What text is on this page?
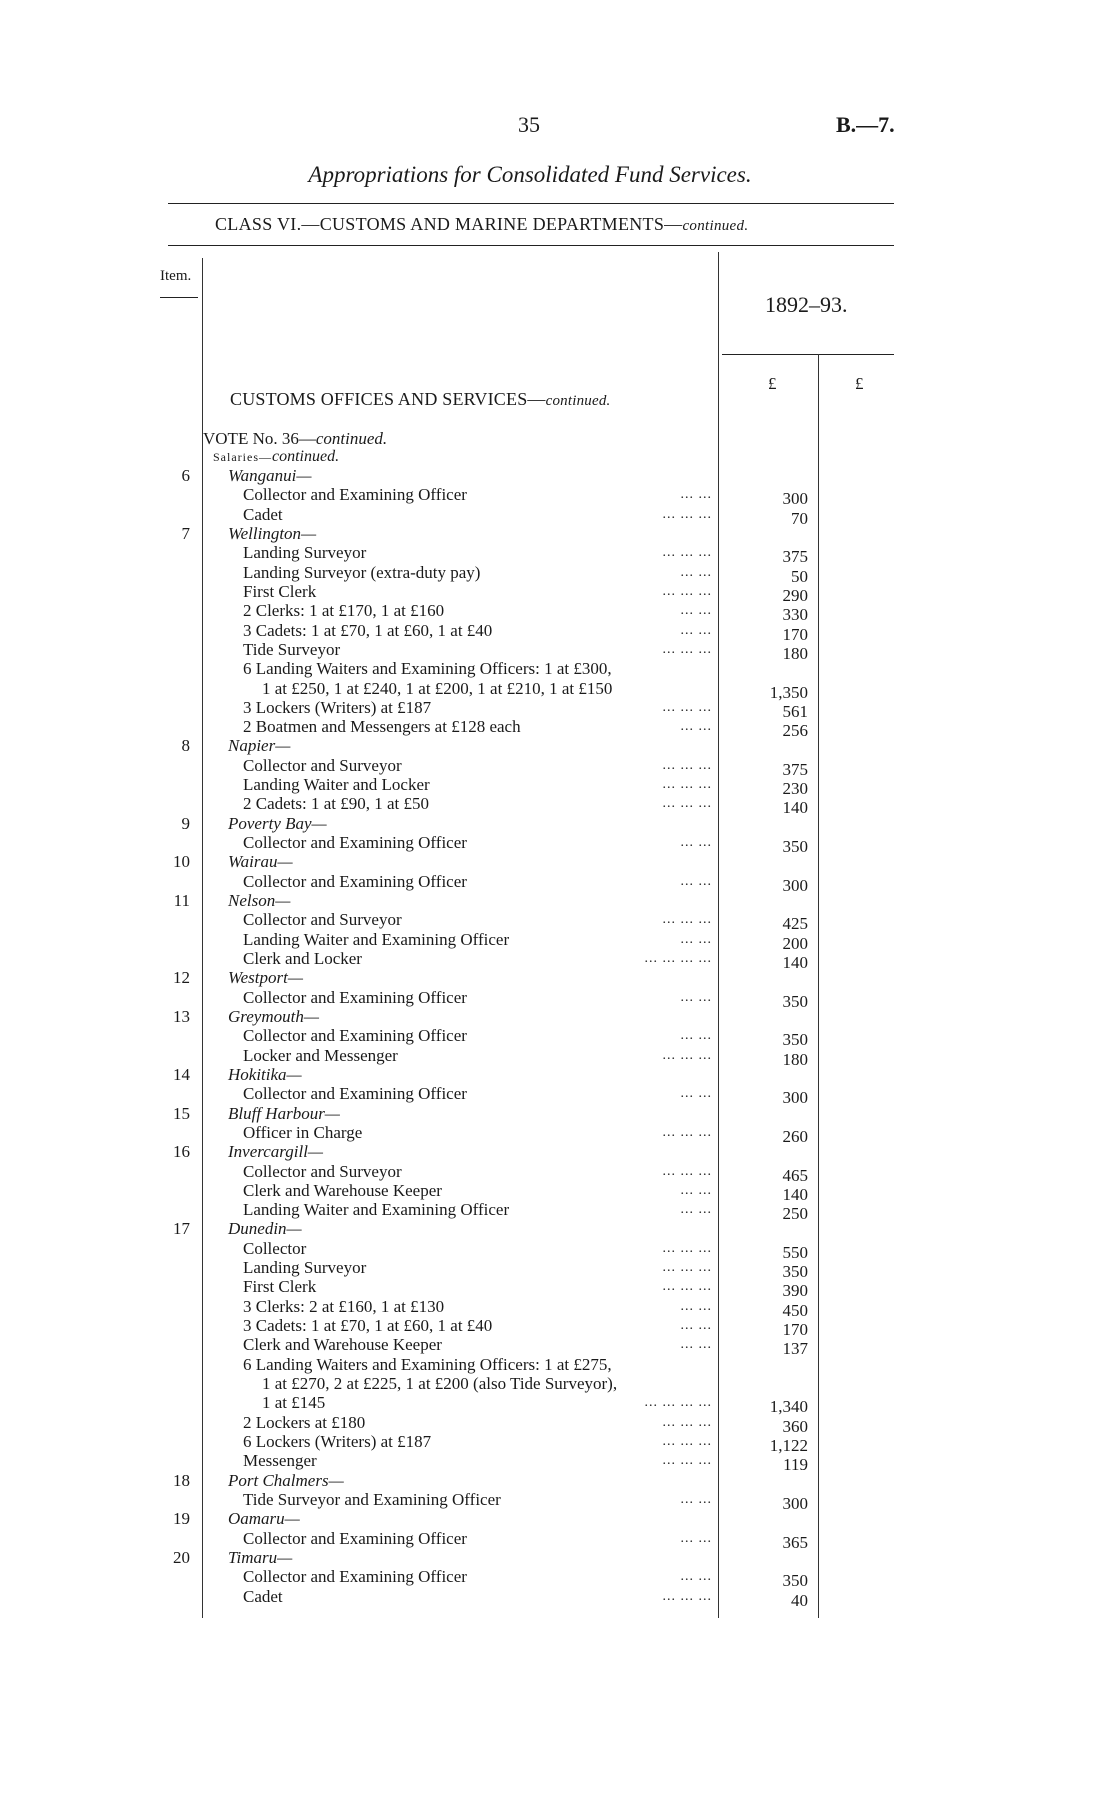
35	B.—7.
Appropriations for Consolidated Fund Services.
CLASS VI.—CUSTOMS AND MARINE DEPARTMENTS—continued.
Item.
1892–93.
£	£
CUSTOMS OFFICES AND SERVICES—continued.
VOTE No. 36—continued.
Salaries—continued.
6 Wanganui—
Collector and Examining Officer	... ...	300
Cadet	... ... ...	70
7 Wellington—
Landing Surveyor	... ... ...	375
Landing Surveyor (extra-duty pay)	... ...	50
First Clerk	... ... ...	290
2 Clerks: 1 at £170, 1 at £160	... ...	330
3 Cadets: 1 at £70, 1 at £60, 1 at £40	... ...	170
Tide Surveyor	... ... ...	180
6 Landing Waiters and Examining Officers: 1 at £300,
1 at £250, 1 at £240, 1 at £200, 1 at £210, 1 at £150	1,350
3 Lockers (Writers) at £187	... ... ...	561
2 Boatmen and Messengers at £128 each	... ...	256
8 Napier—
Collector and Surveyor	... ... ...	375
Landing Waiter and Locker	... ... ...	230
2 Cadets: 1 at £90, 1 at £50	... ... ...	140
9 Poverty Bay—
Collector and Examining Officer	... ...	350
10 Wairau—
Collector and Examining Officer	... ...	300
11 Nelson—
Collector and Surveyor	... ... ...	425
Landing Waiter and Examining Officer	... ...	200
Clerk and Locker	... ... ... ...	140
12 Westport—
Collector and Examining Officer	... ...	350
13 Greymouth—
Collector and Examining Officer	... ...	350
Locker and Messenger	... ... ...	180
14 Hokitika—
Collector and Examining Officer	... ...	300
15 Bluff Harbour—
Officer in Charge	... ... ...	260
16 Invercargill—
Collector and Surveyor	... ... ...	465
Clerk and Warehouse Keeper	... ...	140
Landing Waiter and Examining Officer	... ...	250
17 Dunedin—
Collector	... ... ...	550
Landing Surveyor	... ... ...	350
First Clerk	... ... ...	390
3 Clerks: 2 at £160, 1 at £130	... ...	450
3 Cadets: 1 at £70, 1 at £60, 1 at £40	... ...	170
Clerk and Warehouse Keeper	... ...	137
6 Landing Waiters and Examining Officers: 1 at £275,
1 at £270, 2 at £225, 1 at £200 (also Tide Surveyor),
1 at £145	... ... ... ...	1,340
2 Lockers at £180	... ... ...	360
6 Lockers (Writers) at £187	... ... ...	1,122
Messenger	... ... ...	119
18 Port Chalmers—
Tide Surveyor and Examining Officer	... ...	300
19 Oamaru—
Collector and Examining Officer	... ...	365
20 Timaru—
Collector and Examining Officer	... ...	350
Cadet	... ... ...	40
